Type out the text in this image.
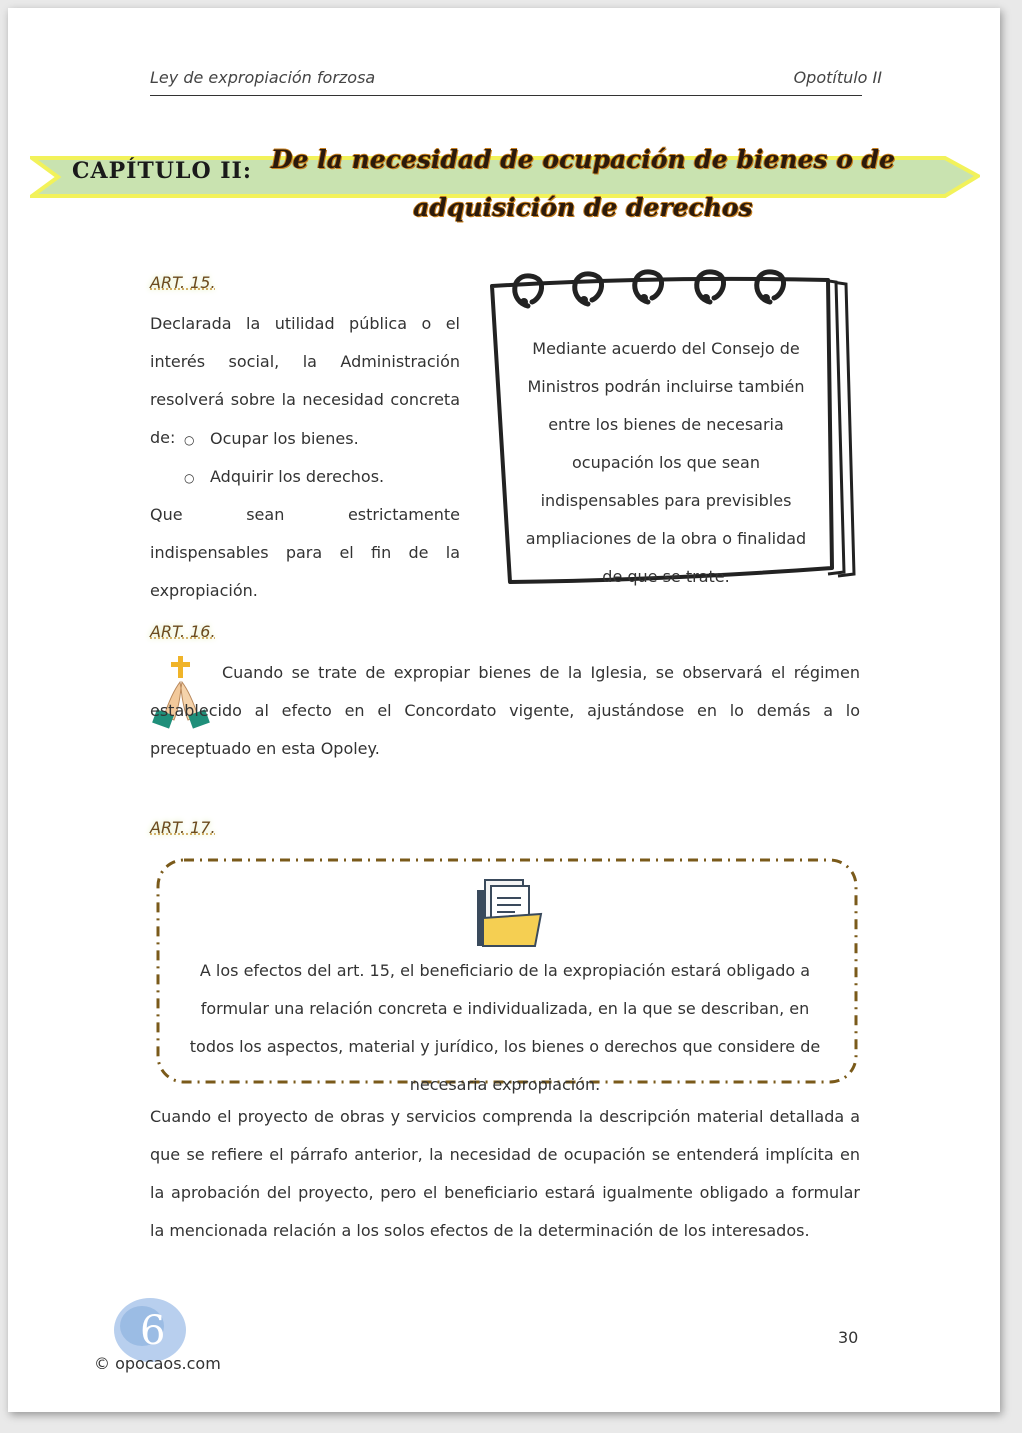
Ley de expropiación forzosa	Opotítulo II
CAPÍTULO II: De la necesidad de ocupación de bienes o de adquisición de derechos
ART. 15.
Declarada la utilidad pública o el interés social, la Administración resolverá sobre la necesidad concreta de: ○ Ocupar los bienes.
○ Adquirir los derechos.
Que sean estrictamente indispensables para el fin de la expropiación.
Mediante acuerdo del Consejo de Ministros podrán incluirse también entre los bienes de necesaria ocupación los que sean indispensables para previsibles ampliaciones de la obra o finalidad de que se trate.
ART. 16.
Cuando se trate de expropiar bienes de la Iglesia, se observará el régimen establecido al efecto en el Concordato vigente, ajustándose en lo demás a lo preceptuado en esta Opoley.
ART. 17.
A los efectos del art. 15, el beneficiario de la expropiación estará obligado a formular una relación concreta e individualizada, en la que se describan, en todos los aspectos, material y jurídico, los bienes o derechos que considere de necesaria expropiación.
Cuando el proyecto de obras y servicios comprenda la descripción material detallada a que se refiere el párrafo anterior, la necesidad de ocupación se entenderá implícita en la aprobación del proyecto, pero el beneficiario estará igualmente obligado a formular la mencionada relación a los solos efectos de la determinación de los interesados.
6
© opocaos.com
30
